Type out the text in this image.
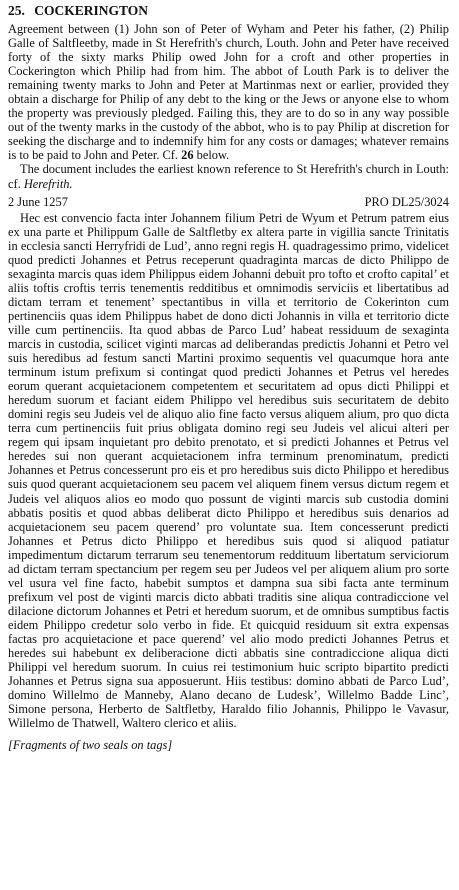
25. COCKERINGTON

Agreement between (1) John son of Peter of Wyham and Peter his father, (2) Philip Galle of Saltfleetby, made in St Herefrith's church, Louth. John and Peter have received forty of the sixty marks Philip owed John for a croft and other properties in Cockerington which Philip had from him. The abbot of Louth Park is to deliver the remaining twenty marks to John and Peter at Martinmas next or earlier, provided they obtain a discharge for Philip of any debt to the king or the Jews or anyone else to whom the property was previously pledged. Failing this, they are to do so in any way possible out of the twenty marks in the custody of the abbot, who is to pay Philip at discretion for seeking the discharge and to indemnify him for any costs or damages; whatever remains is to be paid to John and Peter. Cf. 26 below.

The document includes the earliest known reference to St Herefrith's church in Louth: cf. Herefrith.

2 June 1257	PRO DL25/3024

Hec est convencio facta inter Johannem filium Petri de Wyum et Petrum patrem eius ex una parte et Philippum Galle de Saltfletby ex altera parte in vigillia sancte Trinitatis in ecclesia sancti Herryfridi de Lud’, anno regni regis H. quadragessimo primo, videlicet quod predicti Johannes et Petrus receperunt quadraginta marcas de dicto Philippo de sexaginta marcis quas idem Philippus eidem Johanni debuit pro tofto et crofto capital’ et aliis toftis croftis terris tenementis redditibus et omnimodis serviciis et libertatibus ad dictam terram et tenement’ spectantibus in villa et territorio de Cokerinton cum pertinenciis quas idem Philippus habet de dono dicti Johannis in villa et territorio dicte ville cum pertinenciis. Ita quod abbas de Parco Lud’ habeat ressiduum de sexaginta marcis in custodia, scilicet viginti marcas ad deliberandas predictis Johanni et Petro vel suis heredibus ad festum sancti Martini proximo sequentis vel quacumque hora ante terminum istum prefixum si contingat quod predicti Johannes et Petrus vel heredes eorum querant acquietacionem competentem et securitatem ad opus dicti Philippi et heredum suorum et faciant eidem Philippo vel heredibus suis securitatem de debito domini regis seu Judeis vel de aliquo alio fine facto versus aliquem alium, pro quo dicta terra cum pertinenciis fuit prius obligata domino regi seu Judeis vel alicui alteri per regem qui ipsam inquietant pro debito prenotato, et si predicti Johannes et Petrus vel heredes sui non querant acquietacionem infra terminum prenominatum, predicti Johannes et Petrus concesserunt pro eis et pro heredibus suis dicto Philippo et heredibus suis quod querant acquietacionem seu pacem vel aliquem finem versus dictum regem et Judeis vel aliquos alios eo modo quo possunt de viginti marcis sub custodia domini abbatis positis et quod abbas deliberat dicto Philippo et heredibus suis denarios ad acquietacionem seu pacem querend’ pro voluntate sua. Item concesserunt predicti Johannes et Petrus dicto Philippo et heredibus suis quod si aliquod patiatur impedimentum dictarum terrarum seu tenementorum reddituum libertatum serviciorum ad dictam terram spectancium per regem seu per Judeos vel per aliquem alium pro sorte vel usura vel fine facto, habebit sumptos et dampna sua sibi facta ante terminum prefixum vel post de viginti marcis dicto abbati traditis sine aliqua contradiccione vel dilacione dictorum Johannes et Petri et heredum suorum, et de omnibus sumptibus factis eidem Philippo credetur solo verbo in fide. Et quicquid residuum sit extra expensas factas pro acquietacione et pace querend’ vel alio modo predicti Johannes Petrus et heredes sui habebunt ex deliberacione dicti abbatis sine contradiccione aliqua dicti Philippi vel heredum suorum. In cuius rei testimonium huic scripto bipartito predicti Johannes et Petrus signa sua apposuerunt. Hiis testibus: domino abbati de Parco Lud’, domino Willelmo de Manneby, Alano decano de Ludesk’, Willelmo Badde Linc’, Simone persona, Herberto de Saltfletby, Haraldo filio Johannis, Philippo le Vavasur, Willelmo de Thatwell, Waltero clerico et aliis.

[Fragments of two seals on tags]
